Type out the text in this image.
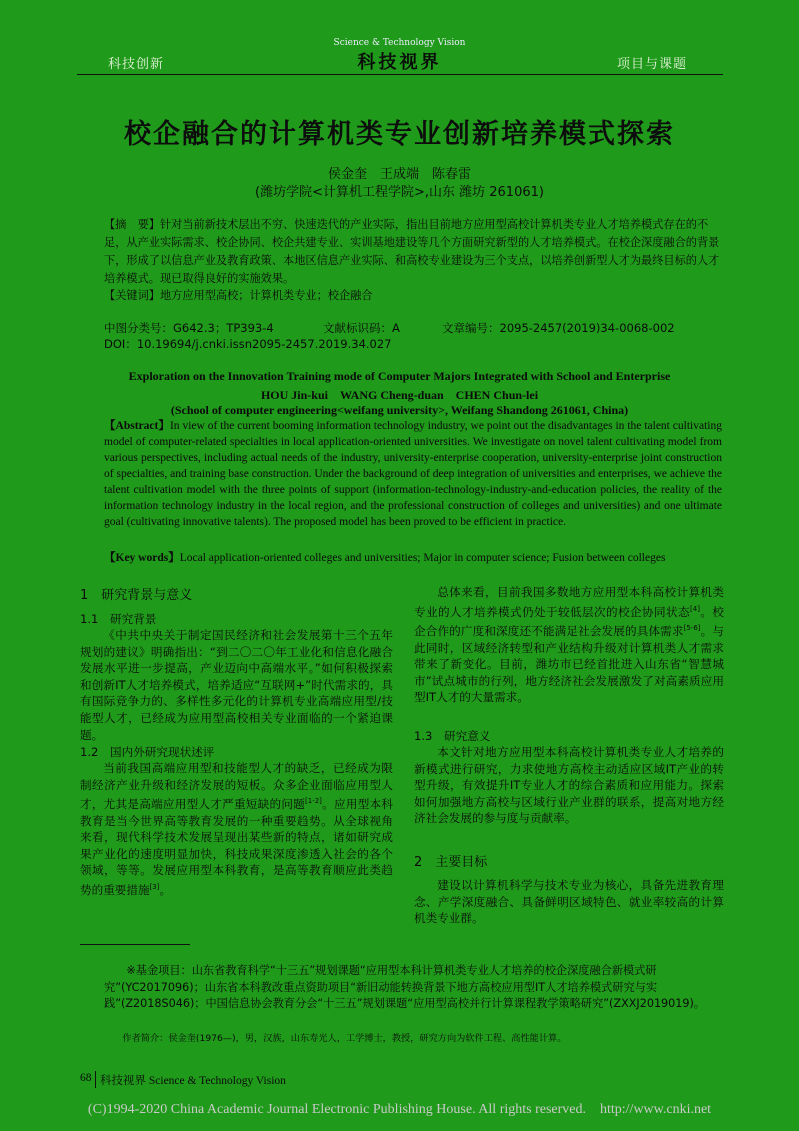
Science & Technology Vision
科技创新	科技视界	项目与课题
校企融合的计算机类专业创新培养模式探索
侯金奎　王成端　陈春雷
(潍坊学院<计算机工程学院>,山东 潍坊 261061)
【摘　要】针对当前新技术层出不穷、快速迭代的产业实际，指出目前地方应用型高校计算机类专业人才培养模式存在的不足，从产业实际需求、校企协同、校企共建专业、实训基地建设等几个方面研究新型的人才培养模式。在校企深度融合的背景下，形成了以信息产业及教育政策、本地区信息产业实际、和高校专业建设为三个支点，以培养创新型人才为最终目标的人才培养模式。现已取得良好的实施效果。
【关键词】地方应用型高校；计算机类专业；校企融合
中图分类号：G642.3；TP393-4	文献标识码：A	文章编号：2095-2457(2019)34-0068-002
DOI：10.19694/j.cnki.issn2095-2457.2019.34.027
Exploration on the Innovation Training mode of Computer Majors Integrated with School and Enterprise
HOU Jin-kui　WANG Cheng-duan　CHEN Chun-lei
(School of computer engineering<weifang university>, Weifang Shandong 261061, China)
【Abstract】In view of the current booming information technology industry, we point out the disadvantages in the talent cultivating model of computer-related specialties in local application-oriented universities. We investigate on novel talent cultivating model from various perspectives, including actual needs of the industry, university-enterprise cooperation, university-enterprise joint construction of specialties, and training base construction. Under the background of deep integration of universities and enterprises, we achieve the talent cultivation model with the three points of support (information-technology-industry-and-education policies, the reality of the information technology industry in the local region, and the professional construction of colleges and universities) and one ultimate goal (cultivating innovative talents). The proposed model has been proved to be efficient in practice.
【Key words】Local application-oriented colleges and universities; Major in computer science; Fusion between colleges
1　研究背景与意义
1.1　研究背景
《中共中央关于制定国民经济和社会发展第十三个五年规划的建议》明确指出：“到二〇二〇年工业化和信息化融合发展水平进一步提高，产业迈向中高端水平。”如何积极探索和创新IT人才培养模式，培养适应“互联网+”时代需求的，具有国际竞争力的、多样性多元化的计算机专业高端应用型/技能型人才，已经成为应用型高校相关专业面临的一个紧迫课题。
1.2　国内外研究现状述评
当前我国高端应用型和技能型人才的缺乏，已经成为限制经济产业升级和经济发展的短板。众多企业面临应用型人才，尤其是高端应用型人才严重短缺的问题[1-2]。应用型本科教育是当今世界高等教育发展的一种重要趋势。从全球视角来看，现代科学技术发展呈现出某些新的特点，诸如研究成果产业化的速度明显加快，科技成果深度渗透入社会的各个领域，等等。发展应用型本科教育，是高等教育顺应此类趋势的重要措施[3]。
总体来看，目前我国多数地方应用型本科高校计算机类专业的人才培养模式仍处于较低层次的校企协同状态[4]。校企合作的广度和深度还不能满足社会发展的具体需求[5-6]。与此同时，区域经济转型和产业结构升级对计算机类人才需求带来了新变化。目前，潍坊市已经首批进入山东省“智慧城市”试点城市的行列，地方经济社会发展激发了对高素质应用型IT人才的大量需求。
1.3　研究意义
本文针对地方应用型本科高校计算机类专业人才培养的新模式进行研究，力求使地方高校主动适应区域IT产业的转型升级，有效提升IT专业人才的综合素质和应用能力。探索如何加强地方高校与区域行业产业群的联系，提高对地方经济社会发展的参与度与贡献率。
2　主要目标
建设以计算机科学与技术专业为核心，具备先进教育理念、产学深度融合、具备鲜明区域特色、就业率较高的计算机类专业群。
※基金项目：山东省教育科学“十三五”规划课题“应用型本科计算机类专业人才培养的校企深度融合新模式研究”(YC2017096)；山东省本科教改重点资助项目“新旧动能转换背景下地方高校应用型IT人才培养模式研究与实践”(Z2018S046)；中国信息协会教育分会“十三五”规划课题“应用型高校并行计算课程教学策略研究”(ZXXJ2019019)。
作者简介：侯金奎(1976—)，男，汉族，山东寿光人，工学博士，教授，研究方向为软件工程、高性能计算。
68 科技视界 Science & Technology Vision
(C)1994-2020 China Academic Journal Electronic Publishing House. All rights reserved.　http://www.cnki.net
